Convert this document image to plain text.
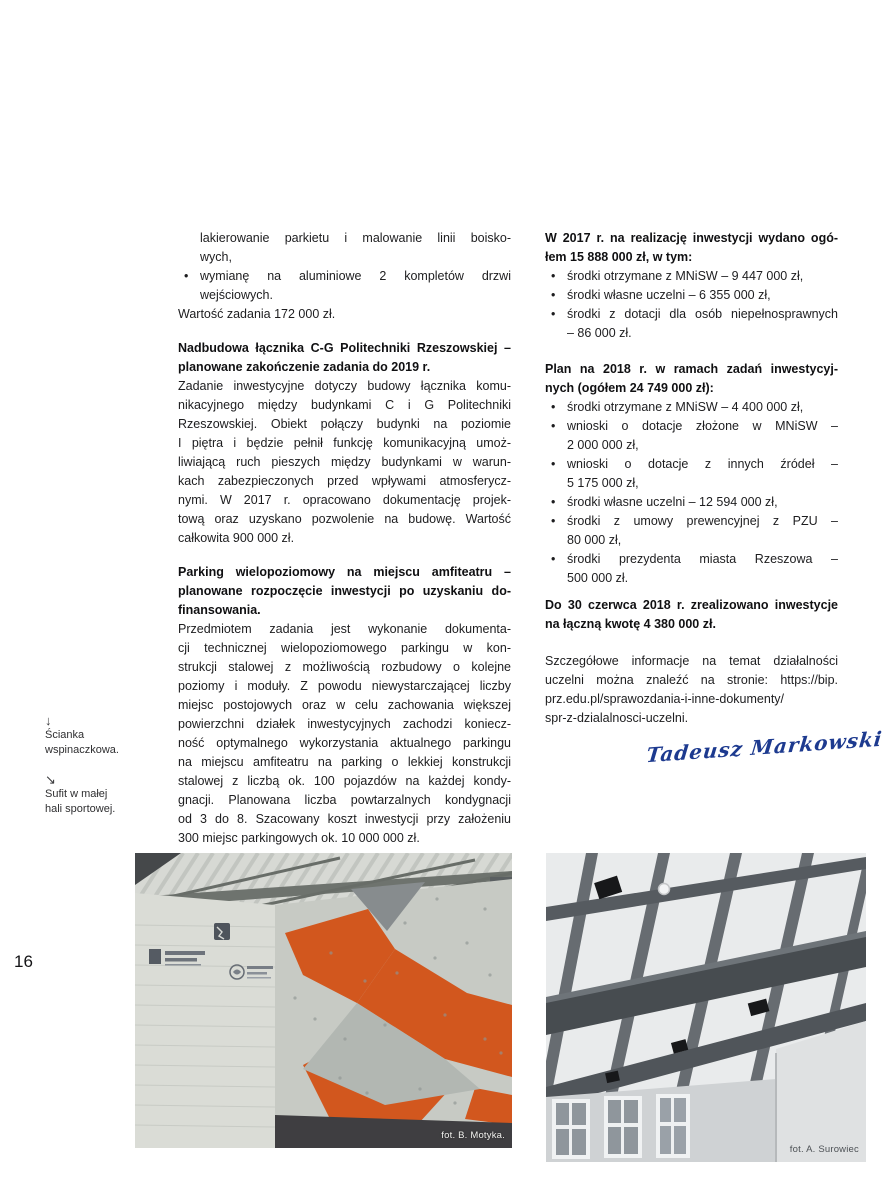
lakierowanie parkietu i malowanie linii boisko-
wych,
• wymianę na aluminiowe 2 kompletów drzwi
wejściowych.
Wartość zadania 172 000 zł.
Nadbudowa łącznika C-G Politechniki Rzeszowskiej –
planowane zakończenie zadania do 2019 r.
Zadanie inwestycyjne dotyczy budowy łącznika komu-
nikacyjnego między budynkami C i G Politechniki
Rzeszowskiej. Obiekt połączy budynki na poziomie
I piętra i będzie pełnił funkcję komunikacyjną umoż-
liwiającą ruch pieszych między budynkami w warun-
kach zabezpieczonych przed wpływami atmosferycz-
nymi. W 2017 r. opracowano dokumentację projek-
tową oraz uzyskano pozwolenie na budowę. Wartość
całkowita 900 000 zł.
Parking wielopoziomowy na miejscu amfiteatru –
planowane rozpoczęcie inwestycji po uzyskaniu do-
finansowania.
Przedmiotem zadania jest wykonanie dokumenta-
cji technicznej wielopoziomowego parkingu w kon-
strukcji stalowej z możliwością rozbudowy o kolejne
poziomy i moduły. Z powodu niewystarczającej liczby
miejsc postojowych oraz w celu zachowania większej
powierzchni działek inwestycyjnych zachodzi koniecz-
ność optymalnego wykorzystania aktualnego parkingu
na miejscu amfiteatru na parking o lekkiej konstrukcji
stalowej z liczbą ok. 100 pojazdów na każdej kondy-
gnacji. Planowana liczba powtarzalnych kondygnacji
od 3 do 8. Szacowany koszt inwestycji przy założeniu
300 miejsc parkingowych ok. 10 000 000 zł.
W 2017 r. na realizację inwestycji wydano ogó-
łem 15 888 000 zł, w tym:
• środki otrzymane z MNiSW – 9 447 000 zł,
• środki własne uczelni – 6 355 000 zł,
• środki z dotacji dla osób niepełnosprawnych
– 86 000 zł.
Plan na 2018 r. w ramach zadań inwestycyj-
nych (ogółem 24 749 000 zł):
• środki otrzymane z MNiSW – 4 400 000 zł,
• wnioski o dotacje złożone w MNiSW –
2 000 000 zł,
• wnioski o dotacje z innych źródeł –
5 175 000 zł,
• środki własne uczelni – 12 594 000 zł,
• środki z umowy prewencyjnej z PZU –
80 000 zł,
• środki prezydenta miasta Rzeszowa –
500 000 zł.
Do 30 czerwca 2018 r. zrealizowano inwestycje
na łączną kwotę 4 380 000 zł.
Szczegółowe informacje na temat działalności
uczelni można znaleźć na stronie: https://bip.
prz.edu.pl/sprawozdania-i-inne-dokumenty/
spr-z-dzialalnosci-uczelni.
Tadeusz Markowski
↓
Ścianka
wspinaczkowa.
↘
Sufit w małej
hali sportowej.
16
fot. B. Motyka.
fot. A. Surowiec
